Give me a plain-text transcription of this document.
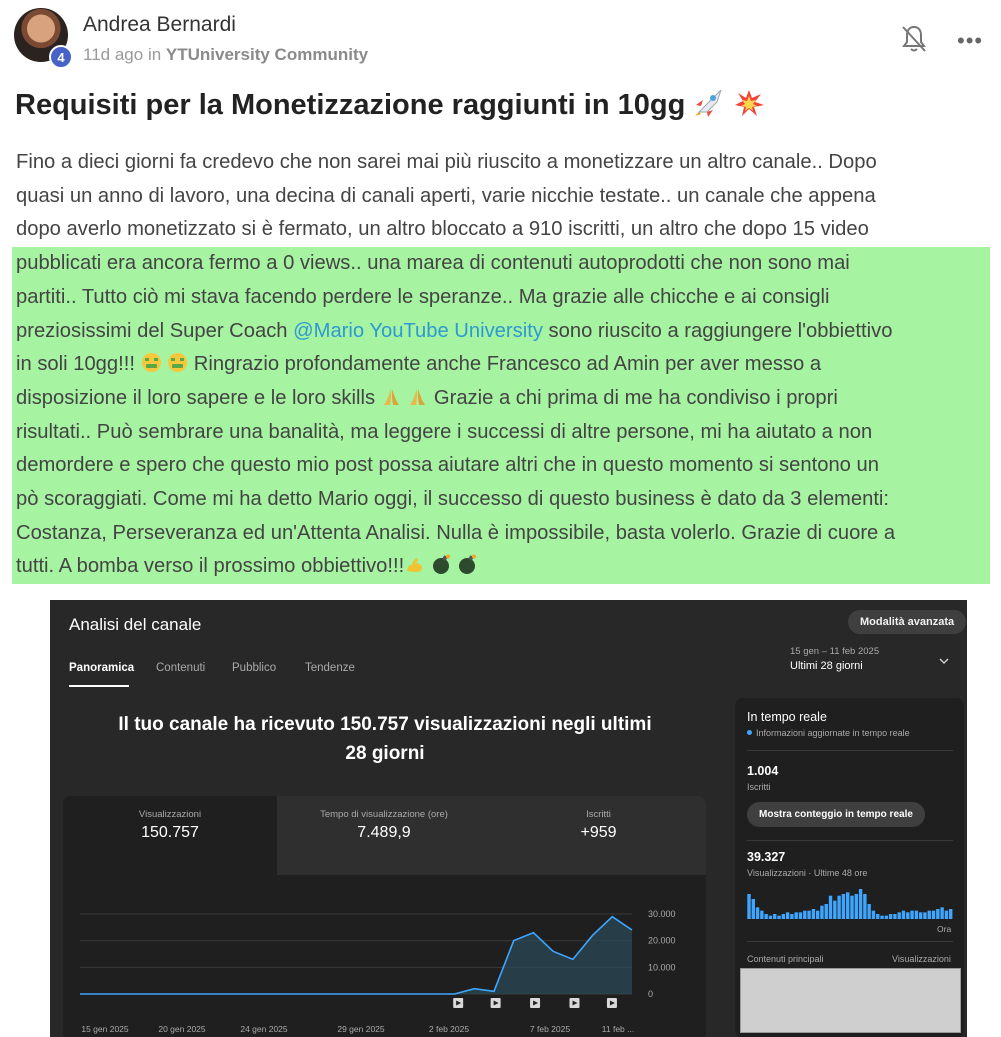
4
Andrea Bernardi
11d ago in YTUniversity Community
•••
Requisiti per la Monetizzazione raggiunti in 10gg

Fino a dieci giorni fa credevo che non sarei mai più riuscito a monetizzare un altro canale.. Dopo

quasi un anno di lavoro, una decina di canali aperti, varie nicchie testate.. un canale che appena

dopo averlo monetizzato si è fermato, un altro bloccato a 910 iscritti, un altro che dopo 15 video

pubblicati era ancora fermo a 0 views.. una marea di contenuti autoprodotti che non sono mai

partiti.. Tutto ciò mi stava facendo perdere le speranze.. Ma grazie alle chicche e ai consigli

preziosissimi del Super Coach @Mario YouTube University sono riuscito a raggiungere l'obbiettivo

in soli 10gg!!!   Ringrazio profondamente anche Francesco ad Amin per aver messo a

disposizione il loro sapere e le loro skills	Grazie a chi prima di me ha condiviso i propri

risultati.. Può sembrare una banalità, ma leggere i successi di altre persone, mi ha aiutato a non

demordere e spero che questo mio post possa aiutare altri che in questo momento si sentono un

pò scoraggiati. Come mi ha detto Mario oggi, il successo di questo business è dato da 3 elementi:

Costanza, Perseveranza ed un'Attenta Analisi. Nulla è impossibile, basta volerlo. Grazie di cuore a

tutti. A bomba verso il prossimo obbiettivo!!!

Analisi del canale	Modalità avanzata
Panoramica Contenuti Pubblico	Tendenze
15 gen – 11 feb 2025
Ultimi 28 giorni
Il tuo canale ha ricevuto 150.757 visualizzazioni negli ultimi
28 giorni
Visualizzazioni
150.757
Tempo di visualizzazione (ore)
7.489,9
Iscritti
+959
30.000
20.000
10.000
0
15 gen 2025	20 gen 2025	24 gen 2025	29 gen 2025	2 feb 2025	7 feb 2025	11 feb ...
In tempo reale
Informazioni aggiornate in tempo reale
1.004
Iscritti
Mostra conteggio in tempo reale
39.327
Visualizzazioni · Ultime 48 ore
Ora
Contenuti principali	Visualizzazioni
